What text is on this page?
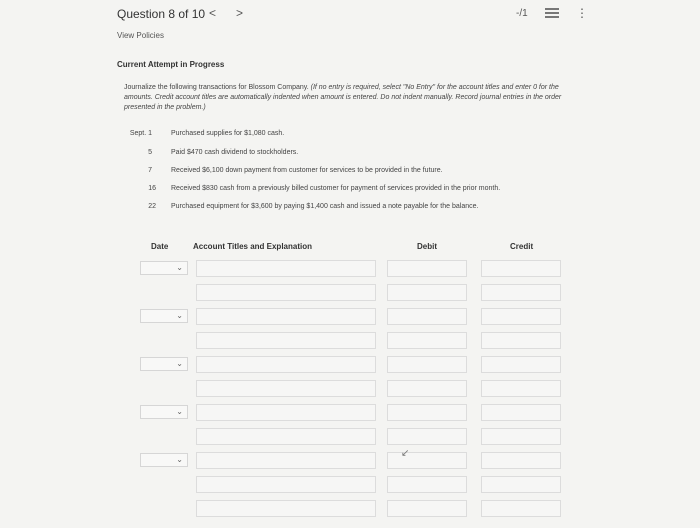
Question 8 of 10 < >	-/1	⋮
View Policies
Current Attempt in Progress
Journalize the following transactions for Blossom Company. (If no entry is required, select "No Entry" for the account titles and enter 0 for the amounts. Credit account titles are automatically indented when amount is entered. Do not indent manually. Record journal entries in the order presented in the problem.)
Sept. 1	Purchased supplies for $1,080 cash.
5	Paid $470 cash dividend to stockholders.
7	Received $6,100 down payment from customer for services to be provided in the future.
16 Received $830 cash from a previously billed customer for payment of services provided in the prior month.
22 Purchased equipment for $3,600 by paying $1,400 cash and issued a note payable for the balance.
Date	Account Titles and Explanation	Debit	Credit
⌄
⌄
⌄
⌄
⌄
↙
